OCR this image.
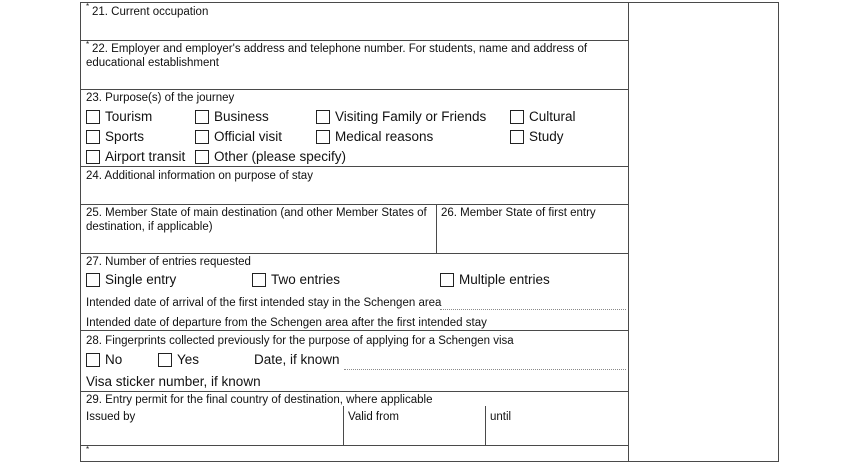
* 21. Current occupation
* 22. Employer and employer's address and telephone number. For students, name and address of educational establishment
23. Purpose(s) of the journey
Tourism	Business	Visiting Family or Friends	Cultural
Sports	Official visit	Medical reasons	Study
Airport transit Other (please specify)
24. Additional information on purpose of stay
25. Member State of main destination (and other Member States of destination, if applicable)
26. Member State of first entry
27. Number of entries requested
Single entry	Two entries	Multiple entries
Intended date of arrival of the first intended stay in the Schengen area
Intended date of departure from the Schengen area after the first intended stay
28. Fingerprints collected previously for the purpose of applying for a Schengen visa
No	Yes	Date, if known
Visa sticker number, if known
29. Entry permit for the final country of destination, where applicable
Issued by	Valid from	until
*
